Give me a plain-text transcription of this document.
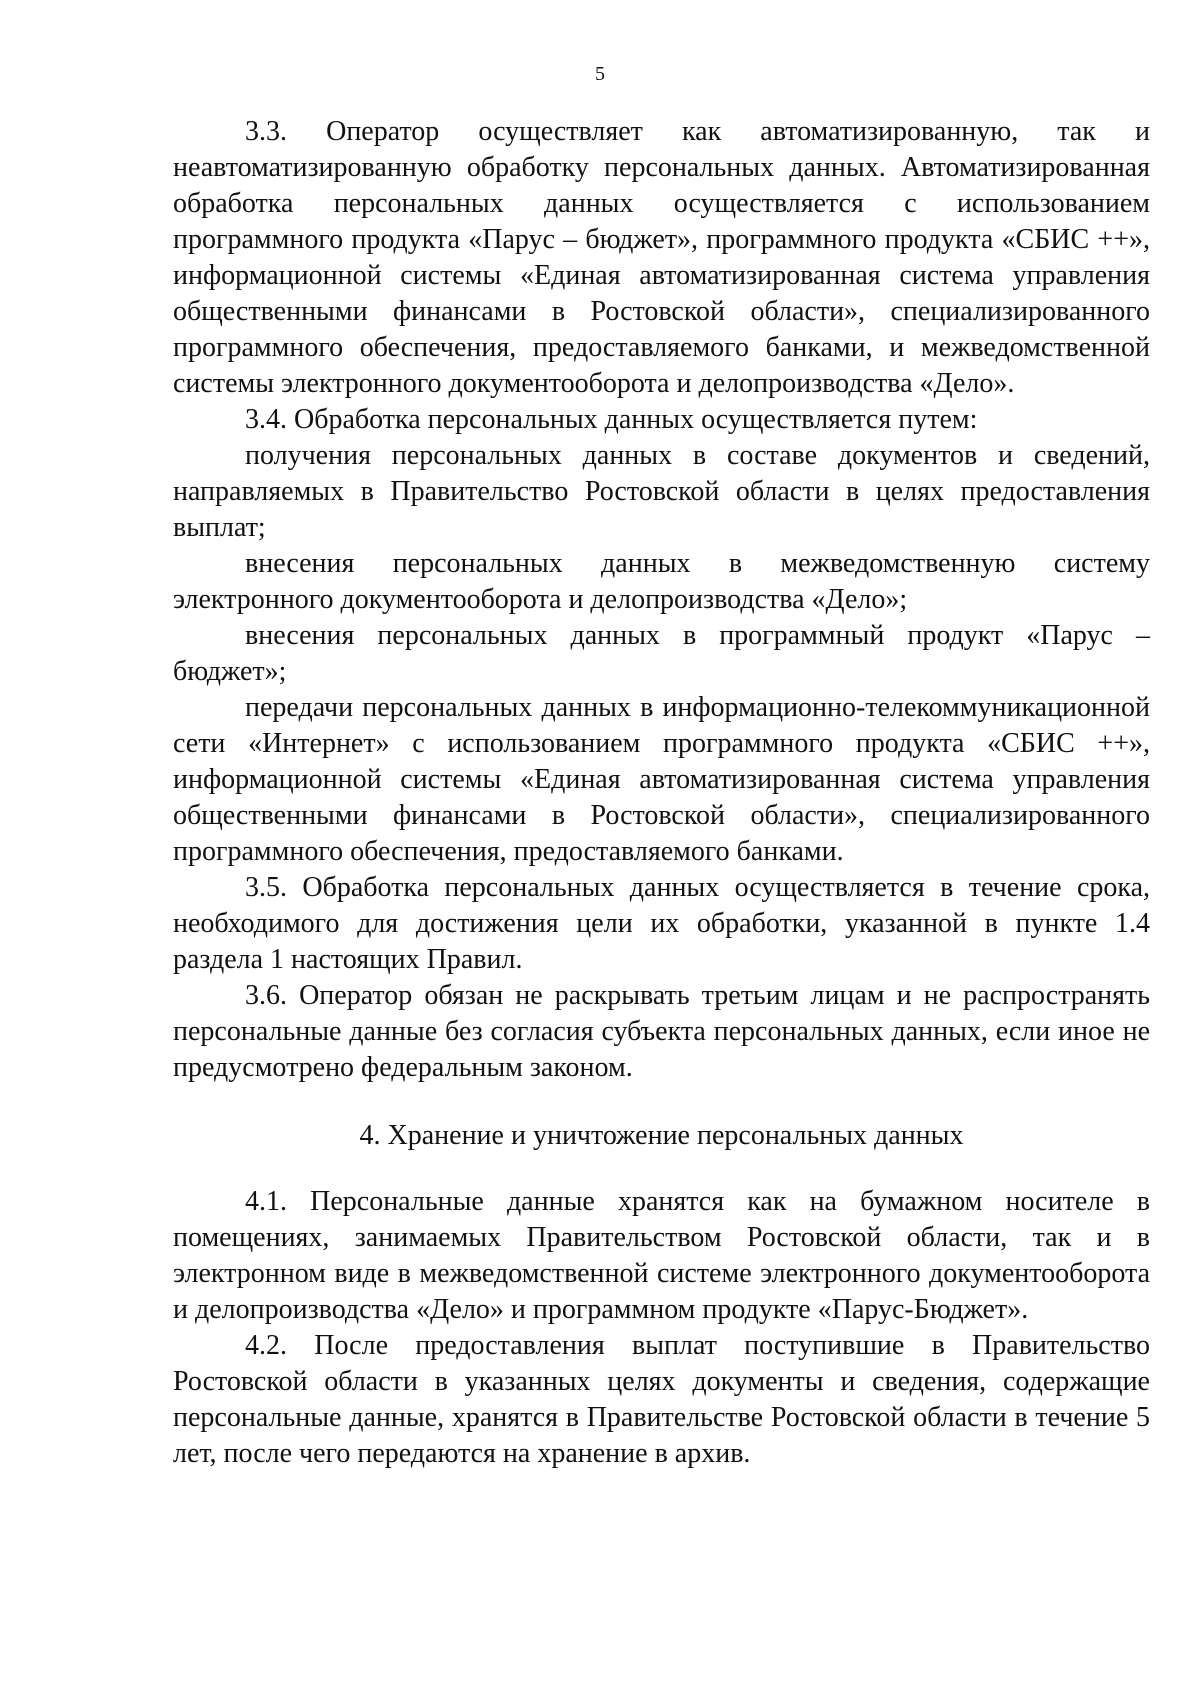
5

3.3. Оператор осуществляет как автоматизированную, так и неавтоматизированную обработку персональных данных. Автоматизированная обработка персональных данных осуществляется с использованием программного продукта «Парус – бюджет», программного продукта «СБИС ++», информационной системы «Единая автоматизированная система управления общественными финансами в Ростовской области», специализированного программного обеспечения, предоставляемого банками, и межведомственной системы электронного документооборота и делопроизводства «Дело».

3.4. Обработка персональных данных осуществляется путем:

получения персональных данных в составе документов и сведений, направляемых в Правительство Ростовской области в целях предоставления выплат;

внесения персональных данных в межведомственную систему электронного документооборота и делопроизводства «Дело»;

внесения персональных данных в программный продукт «Парус – бюджет»;

передачи персональных данных в информационно-телекоммуникационной сети «Интернет» с использованием программного продукта «СБИС ++», информационной системы «Единая автоматизированная система управления общественными финансами в Ростовской области», специализированного программного обеспечения, предоставляемого банками.

3.5. Обработка персональных данных осуществляется в течение срока, необходимого для достижения цели их обработки, указанной в пункте 1.4 раздела 1 настоящих Правил.

3.6. Оператор обязан не раскрывать третьим лицам и не распространять персональные данные без согласия субъекта персональных данных, если иное не предусмотрено федеральным законом.

4. Хранение и уничтожение персональных данных

4.1. Персональные данные хранятся как на бумажном носителе в помещениях, занимаемых Правительством Ростовской области, так и в электронном виде в межведомственной системе электронного документооборота и делопроизводства «Дело» и программном продукте «Парус-Бюджет».

4.2. После предоставления выплат поступившие в Правительство Ростовской области в указанных целях документы и сведения, содержащие персональные данные, хранятся в Правительстве Ростовской области в течение 5 лет, после чего передаются на хранение в архив.
